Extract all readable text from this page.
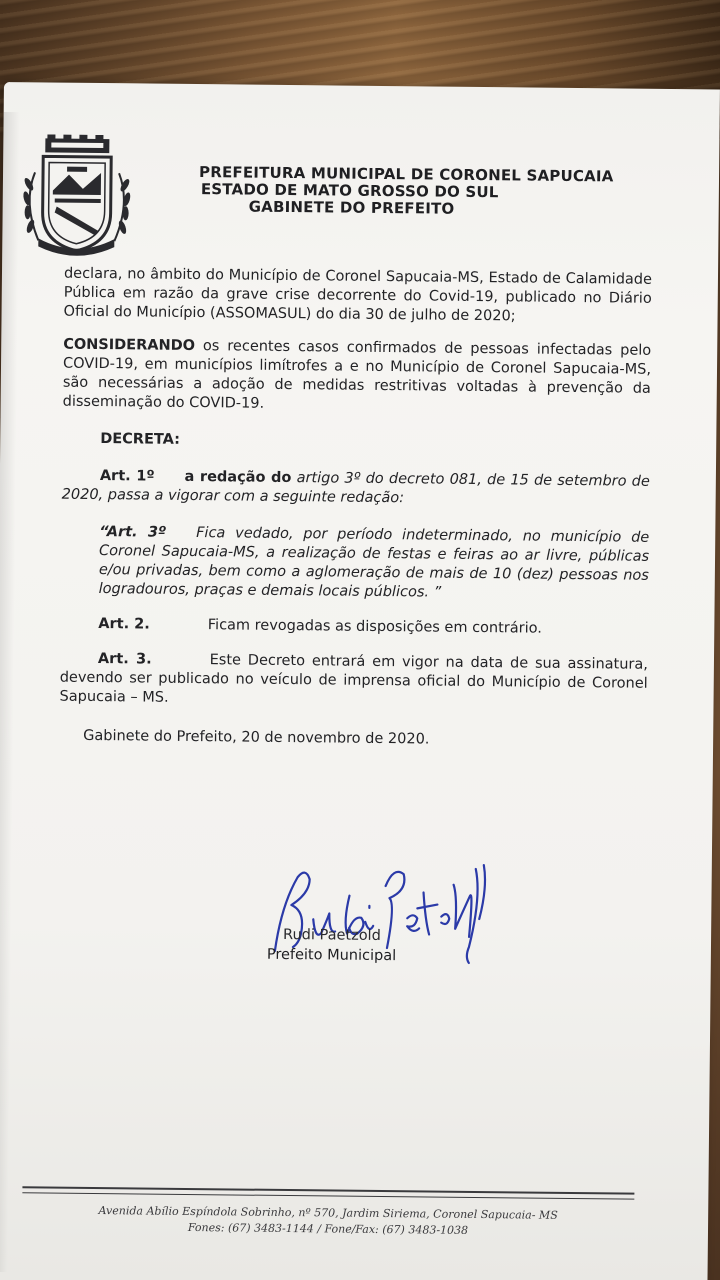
PREFEITURA MUNICIPAL DE CORONEL SAPUCAIA
ESTADO DE MATO GROSSO DO SUL
GABINETE DO PREFEITO

declara, no âmbito do Município de Coronel Sapucaia-MS, Estado de Calamidade Pública em razão da grave crise decorrente do Covid-19, publicado no Diário Oficial do Município (ASSOMASUL) do dia 30 de julho de 2020;

CONSIDERANDO os recentes casos confirmados de pessoas infectadas pelo COVID-19, em municípios limítrofes a e no Município de Coronel Sapucaia-MS, são necessárias a adoção de medidas restritivas voltadas à prevenção da disseminação do COVID-19.

DECRETA:

Art. 1º a redação do artigo 3º do decreto 081, de 15 de setembro de 2020, passa a vigorar com a seguinte redação:

“Art. 3º Fica vedado, por período indeterminado, no município de Coronel Sapucaia-MS, a realização de festas e feiras ao ar livre, públicas e/ou privadas, bem como a aglomeração de mais de 10 (dez) pessoas nos logradouros, praças e demais locais públicos. ”

Art. 2.	Ficam revogadas as disposições em contrário.

Art. 3.	Este Decreto entrará em vigor na data de sua assinatura, devendo ser publicado no veículo de imprensa oficial do Município de Coronel Sapucaia – MS.

Gabinete do Prefeito, 20 de novembro de 2020.

Rudi Paetzold
Prefeito Municipal
Avenida Abílio Espíndola Sobrinho, nº 570, Jardim Siriema, Coronel Sapucaia- MS
Fones: (67) 3483-1144 / Fone/Fax: (67) 3483-1038
